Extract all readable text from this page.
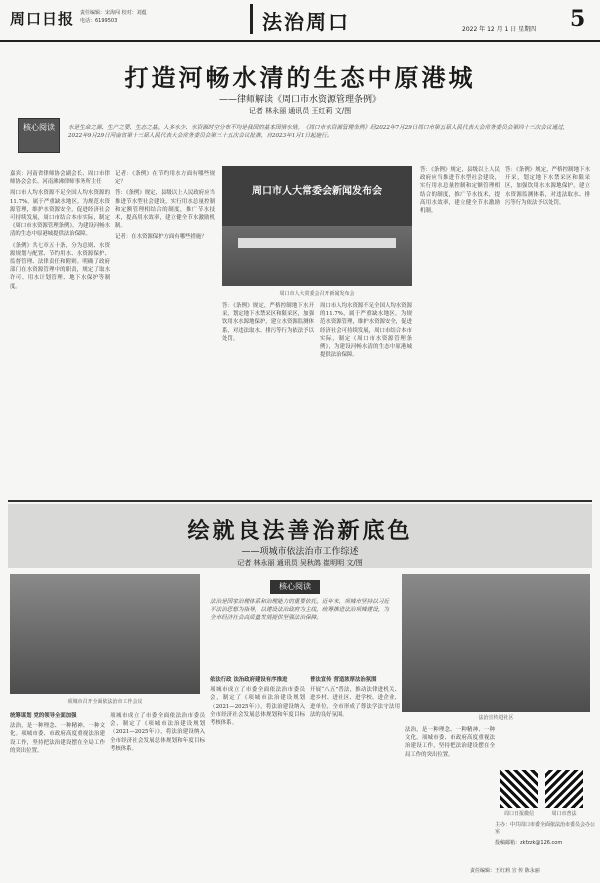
周口日报 责任编辑：宋海闯 校对：刘蕴
电话：6199503	法治周口	2022 年 12 月 1 日 星期四 5
打造河畅水清的生态中原港城
——律师解读《周口市水资源管理条例》
记者 林永丽 通讯员 王红莉 文/图
核心阅读	水是生命之源、生产之要、生态之基。人多水少、水资源时空分布不均是我国的基本国情水情。《周口市水资源管理条例》经2022年7月29日周口市第五届人民代表大会常务委员会第四十三次会议通过，2022年9月29日河南省第十三届人民代表大会常务委员会第三十五次会议批准，自2023年1月1日起施行。

嘉宾：河南省律师协会副会长、周口市律师协会会长、河南沸沸律师事务所主任

周口市人均水资源不足全国人均水资源的11.7%，属于严重缺水地区。为规范水资源管理，维护水资源安全，促进经济社会可持续发展，周口市结合本市实际，制定《周口市水资源管理条例》，为建设河畅水清的生态中原港城提供法治保障。

《条例》共七章五十条，分为总则、水资源规划与配置、节约用水、水资源保护、监督管理、法律责任和附则。明确了政府部门在水资源管理中的职责，规定了取水许可、用水计划管理、地下水保护等制度。

记者：《条例》在节约用水方面有哪些规定？

答：《条例》规定，县级以上人民政府应当推进节水型社会建设，实行用水总量控制和定额管理相结合的制度，推广节水技术，提高用水效率，建立健全节水激励机制。

记者：在水资源保护方面有哪些措施？

周口市人大常委会新闻发布会
周口市人大常委会召开新闻发布会

答：《条例》规定，严格控制地下水开采，划定地下水禁采区和限采区，加强饮用水水源地保护，建立水资源监测体系，对违法取水、排污等行为依法予以处罚。

周口市人均水资源不足全国人均水资源的11.7%，属于严重缺水地区。为规范水资源管理，维护水资源安全，促进经济社会可持续发展，周口市结合本市实际，制定《周口市水资源管理条例》，为建设河畅水清的生态中原港城提供法治保障。

答：《条例》规定，县级以上人民政府应当推进节水型社会建设，实行用水总量控制和定额管理相结合的制度，推广节水技术，提高用水效率，建立健全节水激励机制。

答：《条例》规定，严格控制地下水开采，划定地下水禁采区和限采区，加强饮用水水源地保护，建立水资源监测体系，对违法取水、排污等行为依法予以处罚。

绘就良法善治新底色
——项城市依法治市工作综述
记者 林永丽 通讯员 吴秋鸽 崔明明 文/图
项城市召开全面依法治市工作会议
核心阅读
法治是国家治理体系和治理能力的重要依托。近年来，项城市坚持以习近平法治思想为指导，以建设法治政府为主线，统筹推进法治项城建设，为全市经济社会高质量发展提供坚强法治保障。
法治宣传进社区

统筹谋划 党的领导全面加强

法治，是一种理念、一种精神、一种文化。项城市委、市政府高度重视法治建设工作，坚持把法治建设摆在全局工作的突出位置。

项城市成立了市委全面依法治市委员会，制定了《项城市法治建设规划（2021—2025年）》，将法治建设纳入全市经济社会发展总体规划和年度目标考核体系。

依法行政 法治政府建设有序推进

项城市成立了市委全面依法治市委员会，制定了《项城市法治建设规划（2021—2025年）》，将法治建设纳入全市经济社会发展总体规划和年度目标考核体系。

普法宣传 营造浓厚法治氛围

开展“八五”普法，推动法律进机关、进乡村、进社区、进学校、进企业、进单位，全市形成了尊法学法守法用法的良好氛围。

法治，是一种理念、一种精神、一种文化。项城市委、市政府高度重视法治建设工作，坚持把法治建设摆在全局工作的突出位置。

周口日报微信	周口市普法
主办：中共周口市委全面依法治市委员会办公室
投稿邮箱：zkfzzk@126.com
责任编辑：王红莉 宣 传 陈永丽
